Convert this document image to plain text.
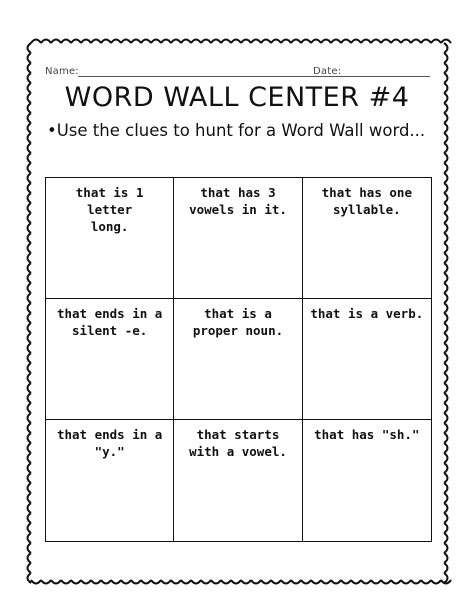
Name:	Date:
WORD WALL CENTER #4
•Use the clues to hunt for a Word Wall word...
that is 1 letter
long.
that has 3
vowels in it.
that has one
syllable.
that ends in a
silent -e.
that is a
proper noun.
that is a verb.
that ends in a
"y."
that starts
with a vowel.
that has "sh."
